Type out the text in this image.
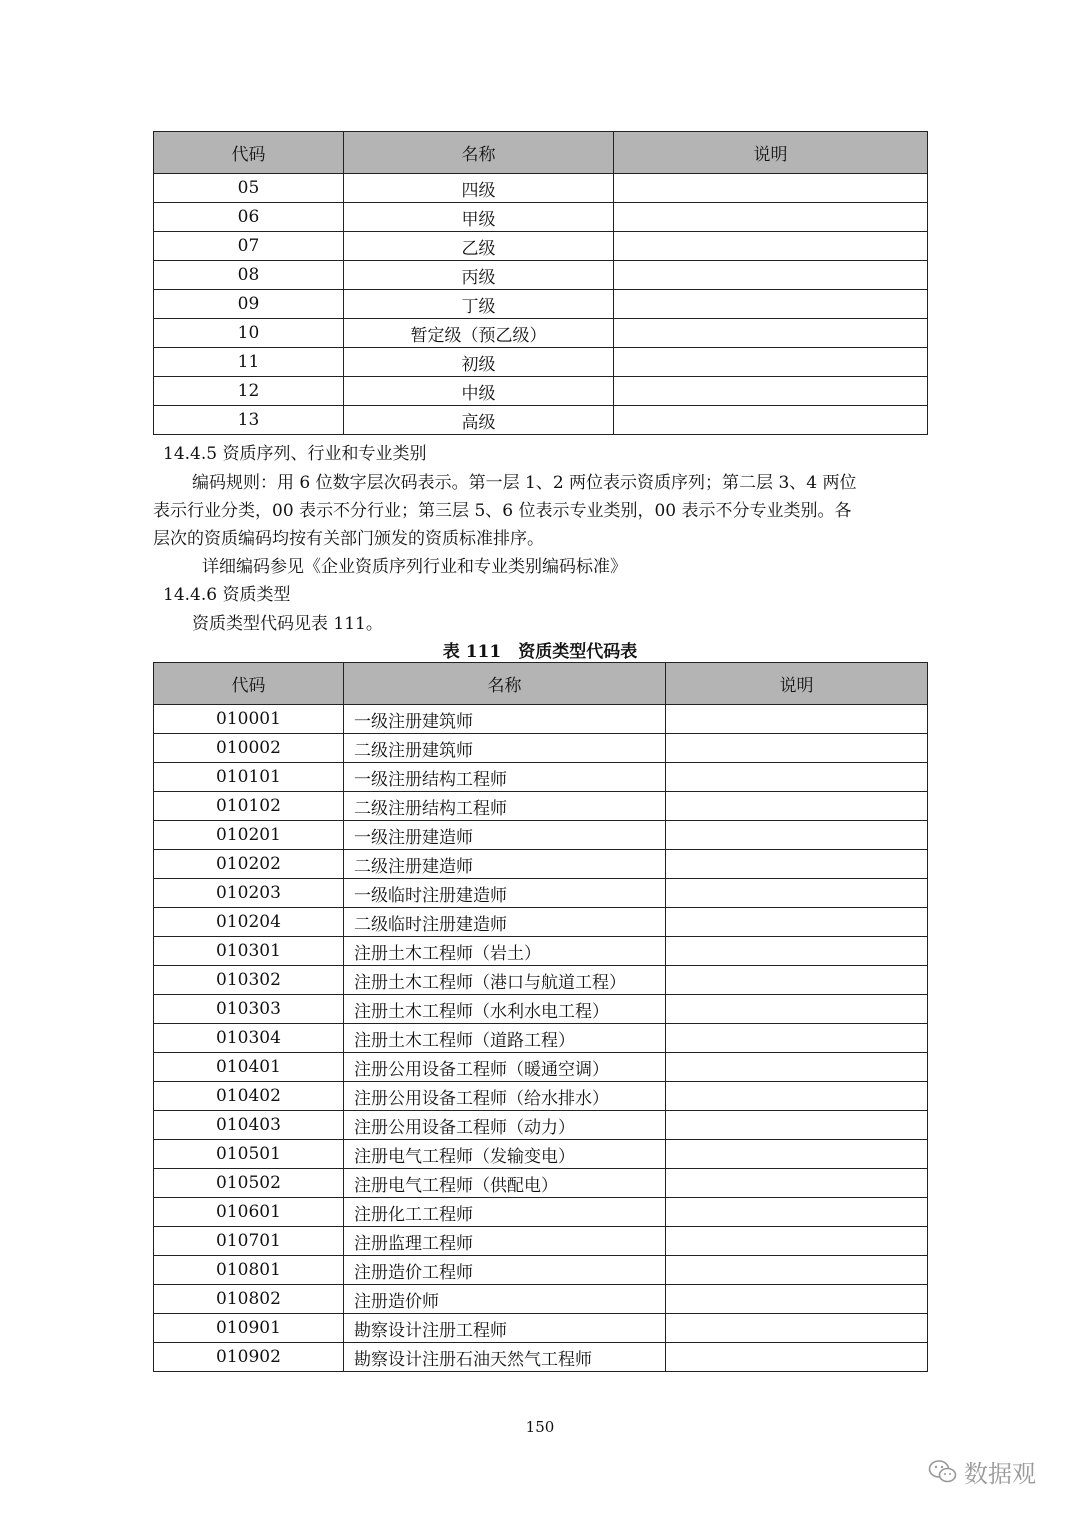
代码	名称	说明
05	四级	
06	甲级	
07	乙级	
08	丙级	
09	丁级	
10	暂定级（预乙级）	
11	初级	
12	中级	
13	高级	
14.4.5 资质序列、行业和专业类别
编码规则：用 6 位数字层次码表示。第一层 1、2 两位表示资质序列；第二层 3、4 两位
表示行业分类，00 表示不分行业；第三层 5、6 位表示专业类别，00 表示不分专业类别。各
层次的资质编码均按有关部门颁发的资质标准排序。
详细编码参见《企业资质序列行业和专业类别编码标准》
14.4.6 资质类型
资质类型代码见表 111。
表 111　资质类型代码表
代码	名称	说明
010001	一级注册建筑师	
010002	二级注册建筑师	
010101	一级注册结构工程师	
010102	二级注册结构工程师	
010201	一级注册建造师	
010202	二级注册建造师	
010203	一级临时注册建造师	
010204	二级临时注册建造师	
010301	注册土木工程师（岩土）	
010302	注册土木工程师（港口与航道工程）	
010303	注册土木工程师（水利水电工程）	
010304	注册土木工程师（道路工程）	
010401	注册公用设备工程师（暖通空调）	
010402	注册公用设备工程师（给水排水）	
010403	注册公用设备工程师（动力）	
010501	注册电气工程师（发输变电）	
010502	注册电气工程师（供配电）	
010601	注册化工工程师	
010701	注册监理工程师	
010801	注册造价工程师	
010802	注册造价师	
010901	勘察设计注册工程师	
010902	勘察设计注册石油天然气工程师	
150
数据观
